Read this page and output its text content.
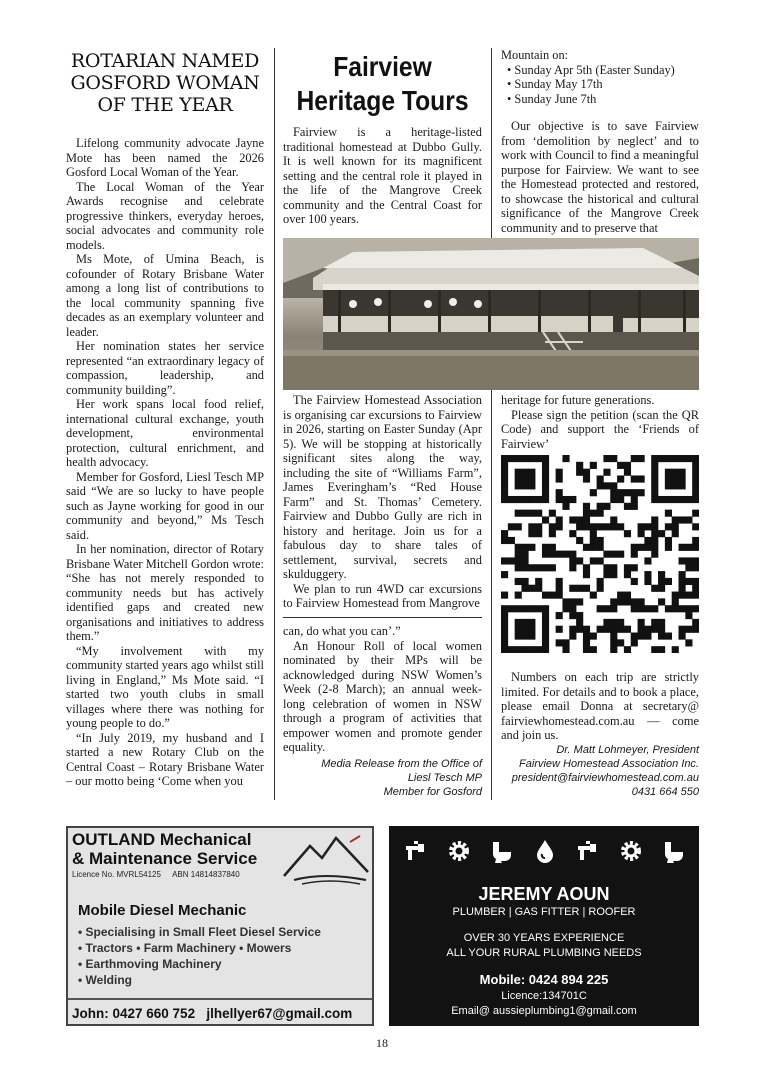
ROTARIAN NAMED GOSFORD WOMAN OF THE YEAR

Lifelong community advocate Jayne Mote has been named the 2026 Gosford Local Woman of the Year.

The Local Woman of the Year Awards recognise and celebrate progressive thinkers, everyday heroes, social advocates and community role models.

Ms Mote, of Umina Beach, is cofounder of Rotary Brisbane Water among a long list of contributions to the local community spanning five decades as an exemplary volunteer and leader.

Her nomination states her service represented “an extraordinary legacy of compassion, leadership, and community building”.

Her work spans local food relief, international cultural exchange, youth development, environmental protection, cultural enrichment, and health advocacy.

Member for Gosford, Liesl Tesch MP said “We are so lucky to have people such as Jayne working for good in our community and beyond,” Ms Tesch said.

In her nomination, director of Rotary Brisbane Water Mitchell Gordon wrote: “She has not merely responded to community needs but has actively identified gaps and created new organisations and initiatives to address them.”

“My involvement with my community started years ago whilst still living in England,” Ms Mote said. “I started two youth clubs in small villages where there was nothing for young people to do.”

“In July 2019, my husband and I started a new Rotary Club on the Central Coast – Rotary Brisbane Water – our motto being ‘Come when you

Fairview
Heritage Tours

Fairview is a heritage-listed traditional homestead at Dubbo Gully. It is well known for its magnificent setting and the central role it played in the life of the Mangrove Creek community and the Central Coast for over 100 years.

Mountain on:
• Sunday Apr 5th (Easter Sunday)
• Sunday May 17th
• Sunday June 7th

Our objective is to save Fairview from ‘demolition by neglect’ and to work with Council to find a meaningful purpose for Fairview. We want to see the Homestead protected and restored, to showcase the historical and cultural significance of the Mangrove Creek community and to preserve that

The Fairview Homestead Association is organising car excursions to Fairview in 2026, starting on Easter Sunday (Apr 5). We will be stopping at historically significant sites along the way, including the site of “Williams Farm”, James Everingham’s “Red House Farm” and St. Thomas’ Cemetery. Fairview and Dubbo Gully are rich in history and heritage. Join us for a fabulous day to share tales of settlement, survival, secrets and skulduggery.

We plan to run 4WD car excursions to Fairview Homestead from Mangrove

can, do what you can’.”

An Honour Roll of local women nominated by their MPs will be acknowledged during NSW Women’s Week (2-8 March); an annual week-long celebration of women in NSW through a program of activities that empower women and promote gender equality.

Media Release from the Office of
Liesl Tesch MP
Member for Gosford
heritage for future generations.

Please sign the petition (scan the QR Code) and support the ‘Friends of Fairview’

Numbers on each trip are strictly limited. For details and to book a place, please email Donna at secretary@ fairviewhomestead.com.au — come and join us.

Dr. Matt Lohmeyer, President
Fairview Homestead Association Inc.
president@fairviewhomestead.com.au
0431 664 550
OUTLAND Mechanical
& Maintenance Service
Licence No. MVRL54125 ABN 14814837840
Mobile Diesel Mechanic
• Specialising in Small Fleet Diesel Service
• Tractors • Farm Machinery • Mowers
• Earthmoving Machinery
• Welding
John: 0427 660 752   jlhellyer67@gmail.com
JEREMY AOUN
PLUMBER | GAS FITTER | ROOFER
OVER 30 YEARS EXPERIENCE
ALL YOUR RURAL PLUMBING NEEDS
Mobile: 0424 894 225
Licence:134701C
Email@ aussieplumbing1@gmail.com
18
